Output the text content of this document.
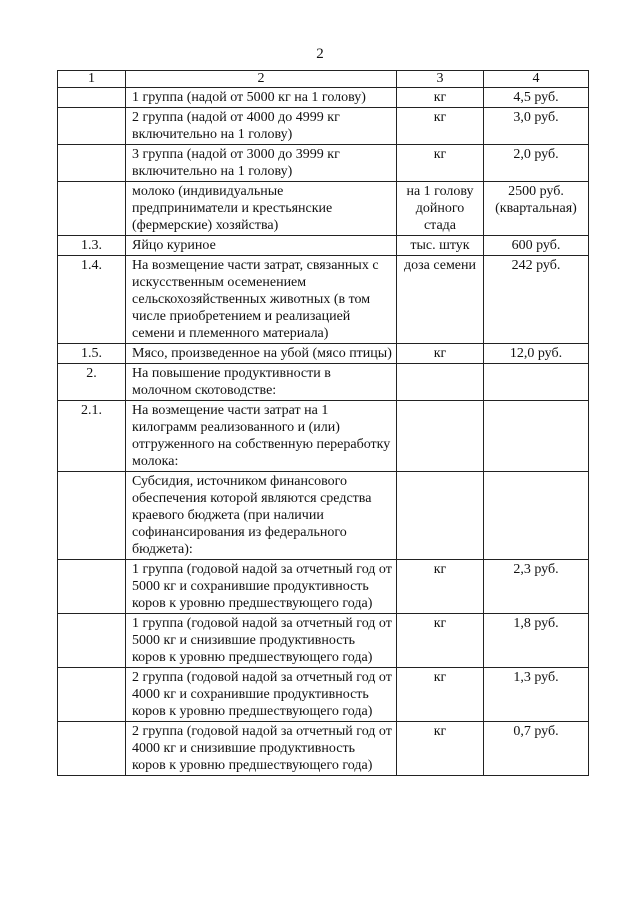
2
1	2	3	4
	1 группа (надой от 5000 кг на 1 голову)	кг	4,5 руб.
	2 группа (надой от 4000 до 4999 кг включительно на 1 голову)	кг	3,0 руб.
	3 группа (надой от 3000 до 3999 кг включительно на 1 голову)	кг	2,0 руб.
	молоко (индивидуальные предприниматели и крестьянские (фермерские) хозяйства)	на 1 голову дойного стада	2500 руб. (квартальная)
1.3.	Яйцо куриное	тыс. штук	600 руб.
1.4.	На возмещение части затрат, связанных с искусственным осеменением сельскохозяйственных животных (в том числе приобретением и реализацией семени и племенного материала)	доза семени	242 руб.
1.5.	Мясо, произведенное на убой (мясо птицы)	кг	12,0 руб.
2.	На повышение продуктивности в молочном скотоводстве:		
2.1.	На возмещение части затрат на 1 килограмм реализованного и (или) отгруженного на собственную переработку молока:		
	Субсидия, источником финансового обеспечения которой являются средства краевого бюджета (при наличии софинансирования из федерального бюджета):		
	1 группа (годовой надой за отчетный год от 5000 кг и сохранившие продуктивность коров к уровню предшествующего года)	кг	2,3 руб.
	1 группа (годовой надой за отчетный год от 5000 кг и снизившие продуктивность коров к уровню предшествующего года)	кг	1,8 руб.
	2 группа (годовой надой за отчетный год от 4000 кг и сохранившие продуктивность коров к уровню предшествующего года)	кг	1,3 руб.
	2 группа (годовой надой за отчетный год от 4000 кг и снизившие продуктивность коров к уровню предшествующего года)	кг	0,7 руб.
